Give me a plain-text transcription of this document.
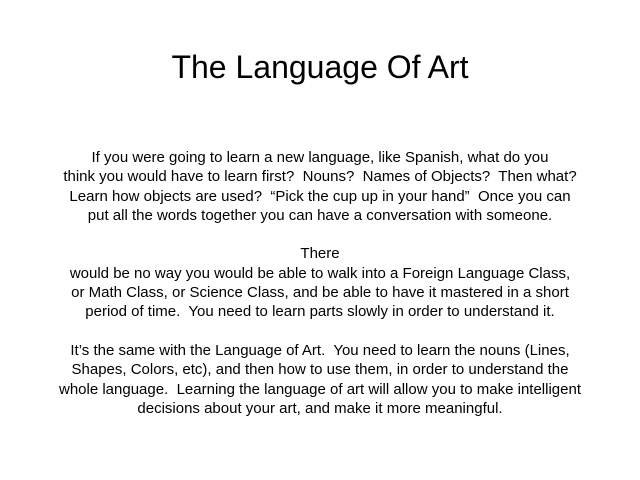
The Language Of Art
If you were going to learn a new language, like Spanish, what do you
think you would have to learn first?  Nouns?  Names of Objects?  Then what?
Learn how objects are used?  “Pick the cup up in your hand”  Once you can
put all the words together you can have a conversation with someone.
There
would be no way you would be able to walk into a Foreign Language Class,
or Math Class, or Science Class, and be able to have it mastered in a short
period of time.  You need to learn parts slowly in order to understand it.
It’s the same with the Language of Art.  You need to learn the nouns (Lines,
Shapes, Colors, etc), and then how to use them, in order to understand the
whole language.  Learning the language of art will allow you to make intelligent
decisions about your art, and make it more meaningful.
